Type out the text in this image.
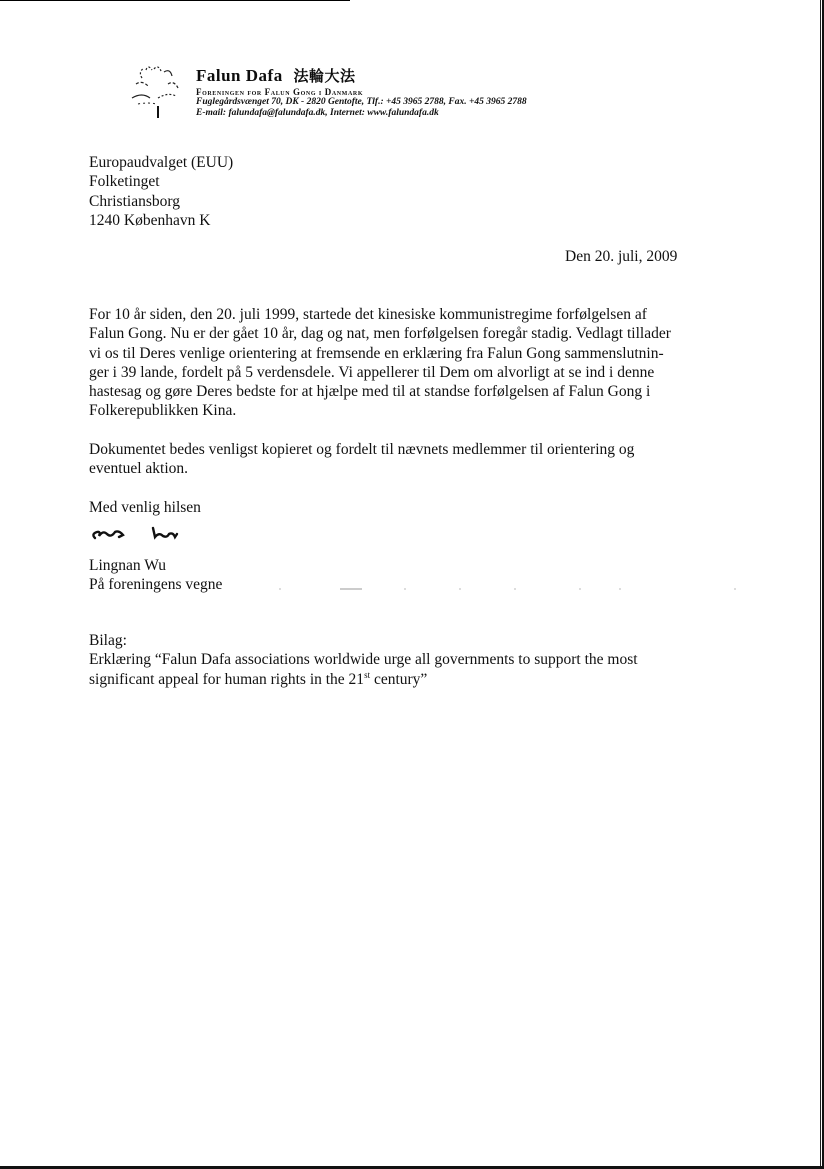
Falun Dafa 法輪大法
Foreningen for Falun Gong i Danmark
Fuglegårdsvænget 70, DK - 2820 Gentofte, Tlf.: +45 3965 2788, Fax. +45 3965 2788
E-mail: falundafa@falundafa.dk, Internet: www.falundafa.dk
Europaudvalget (EUU)
Folketinget
Christiansborg
1240 København K
Den 20. juli, 2009
For 10 år siden, den 20. juli 1999, startede det kinesiske kommunistregime forfølgelsen af
Falun Gong. Nu er der gået 10 år, dag og nat, men forfølgelsen foregår stadig. Vedlagt tillader
vi os til Deres venlige orientering at fremsende en erklæring fra Falun Gong sammenslutnin-
ger i 39 lande, fordelt på 5 verdensdele. Vi appellerer til Dem om alvorligt at se ind i denne
hastesag og gøre Deres bedste for at hjælpe med til at standse forfølgelsen af Falun Gong i
Folkerepublikken Kina.
Dokumentet bedes venligst kopieret og fordelt til nævnets medlemmer til orientering og
eventuel aktion.
Med venlig hilsen
Lingnan Wu
På foreningens vegne
Bilag:
Erklæring “Falun Dafa associations worldwide urge all governments to support the most
significant appeal for human rights in the 21st century”
